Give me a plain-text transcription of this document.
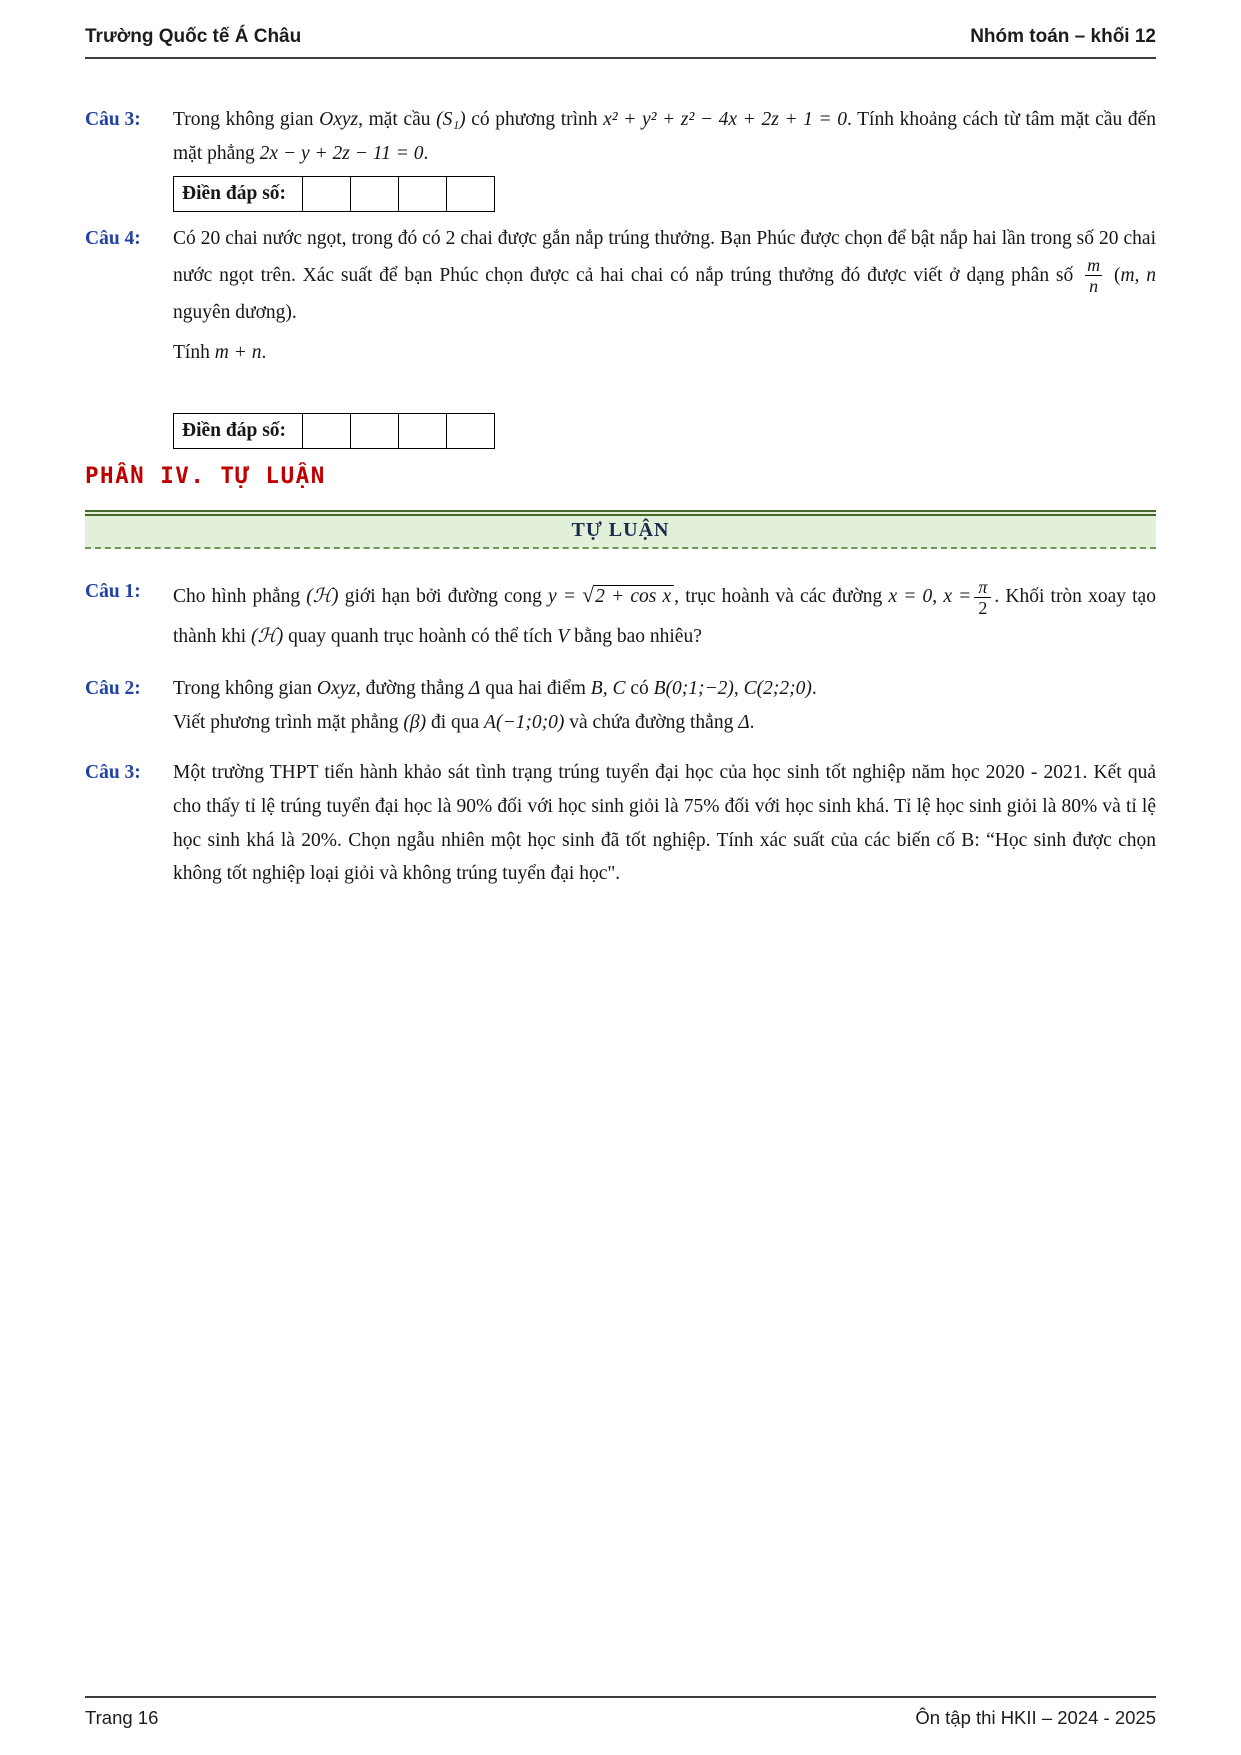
Trường Quốc tế Á Châu	Nhóm toán – khối 12
Câu 3:	Trong không gian Oxyz, mặt cầu (S₁) có phương trình x² + y² + z² − 4x + 2z + 1 = 0. Tính khoảng cách từ tâm mặt cầu đến mặt phẳng 2x − y + 2z − 11 = 0.

Điền đáp số:
Câu 4:	Có 20 chai nước ngọt, trong đó có 2 chai được gắn nắp trúng thưởng. Bạn Phúc được chọn để bật nắp hai lần trong số 20 chai nước ngọt trên. Xác suất để bạn Phúc chọn được cả hai chai có nắp trúng thưởng đó được viết ở dạng phân số $\frac{m}{n} (m$, n nguyên dương).

Tính m + n.

Điền đáp số:
PHẦN IV. TỰ LUẬN
TỰ LUẬN
Câu 1:	Cho hình phẳng (ℋ) giới hạn bởi đường cong y = √2 + cos x , trục hoành và các đường x = 0, $x = \frac{\pi}{2}$ . Khối tròn xoay tạo thành khi (ℋ) quay quanh trục hoành có thể tích V bằng bao nhiêu?

Câu 2:	Trong không gian Oxyz, đường thẳng Δ qua hai điểm B, C có B(0;1;−2), C(2;2;0).

Viết phương trình mặt phẳng (β) đi qua A(−1;0;0) và chứa đường thẳng Δ.

Câu 3:	Một trường THPT tiến hành khảo sát tình trạng trúng tuyển đại học của học sinh tốt nghiệp năm học 2020 - 2021. Kết quả cho thấy tỉ lệ trúng tuyển đại học là 90% đối với học sinh giỏi là 75% đối với học sinh khá. Tỉ lệ học sinh giỏi là 80% và tỉ lệ học sinh khá là 20%. Chọn ngẫu nhiên một học sinh đã tốt nghiệp. Tính xác suất của các biến cố B: “Học sinh được chọn không tốt nghiệp loại giỏi và không trúng tuyển đại học".

Trang 16	Ôn tập thi HKII – 2024 - 2025
